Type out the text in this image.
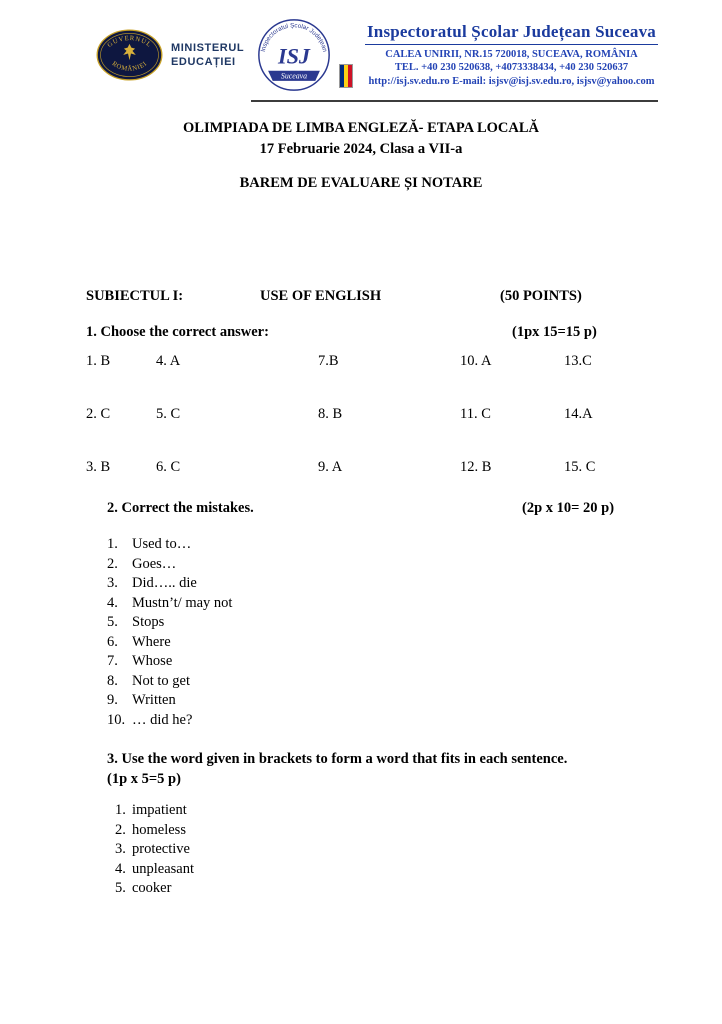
GUVERNUL
ROMÂNIEI
MINISTERUL
EDUCAȚIEI
Inspectoratul Școlar Județean
ISJ
Suceava
Inspectoratul Școlar Județean Suceava
CALEA UNIRII, NR.15 720018, SUCEAVA, ROMÂNIA
TEL. +40 230 520638, +4073338434, +40 230 520637
http://isj.sv.edu.ro E-mail: isjsv@isj.sv.edu.ro, isjsv@yahoo.com
OLIMPIADA DE LIMBA ENGLEZĂ- ETAPA LOCALĂ
17 Februarie 2024, Clasa a VII-a
BAREM DE EVALUARE ȘI NOTARE
SUBIECTUL I:	USE OF ENGLISH	(50 POINTS)
1. Choose the correct answer:	(1px 15=15 p)
1. B	4. A	7.B	10. A	13.C
2. C	5. C	8. B	11. C	14.A
3. B	6. C	9. A	12. B	15. C
2. Correct the mistakes.	(2p x 10= 20 p)
1. Used to…
2. Goes…
3. Did….. die
4. Mustn’t/ may not
5. Stops
6. Where
7. Whose
8. Not to get
9. Written
10. … did he?
3. Use the word given in brackets to form a word that fits in each sentence.
(1p x 5=5 p)
1. impatient
2. homeless
3. protective
4. unpleasant
5. cooker
